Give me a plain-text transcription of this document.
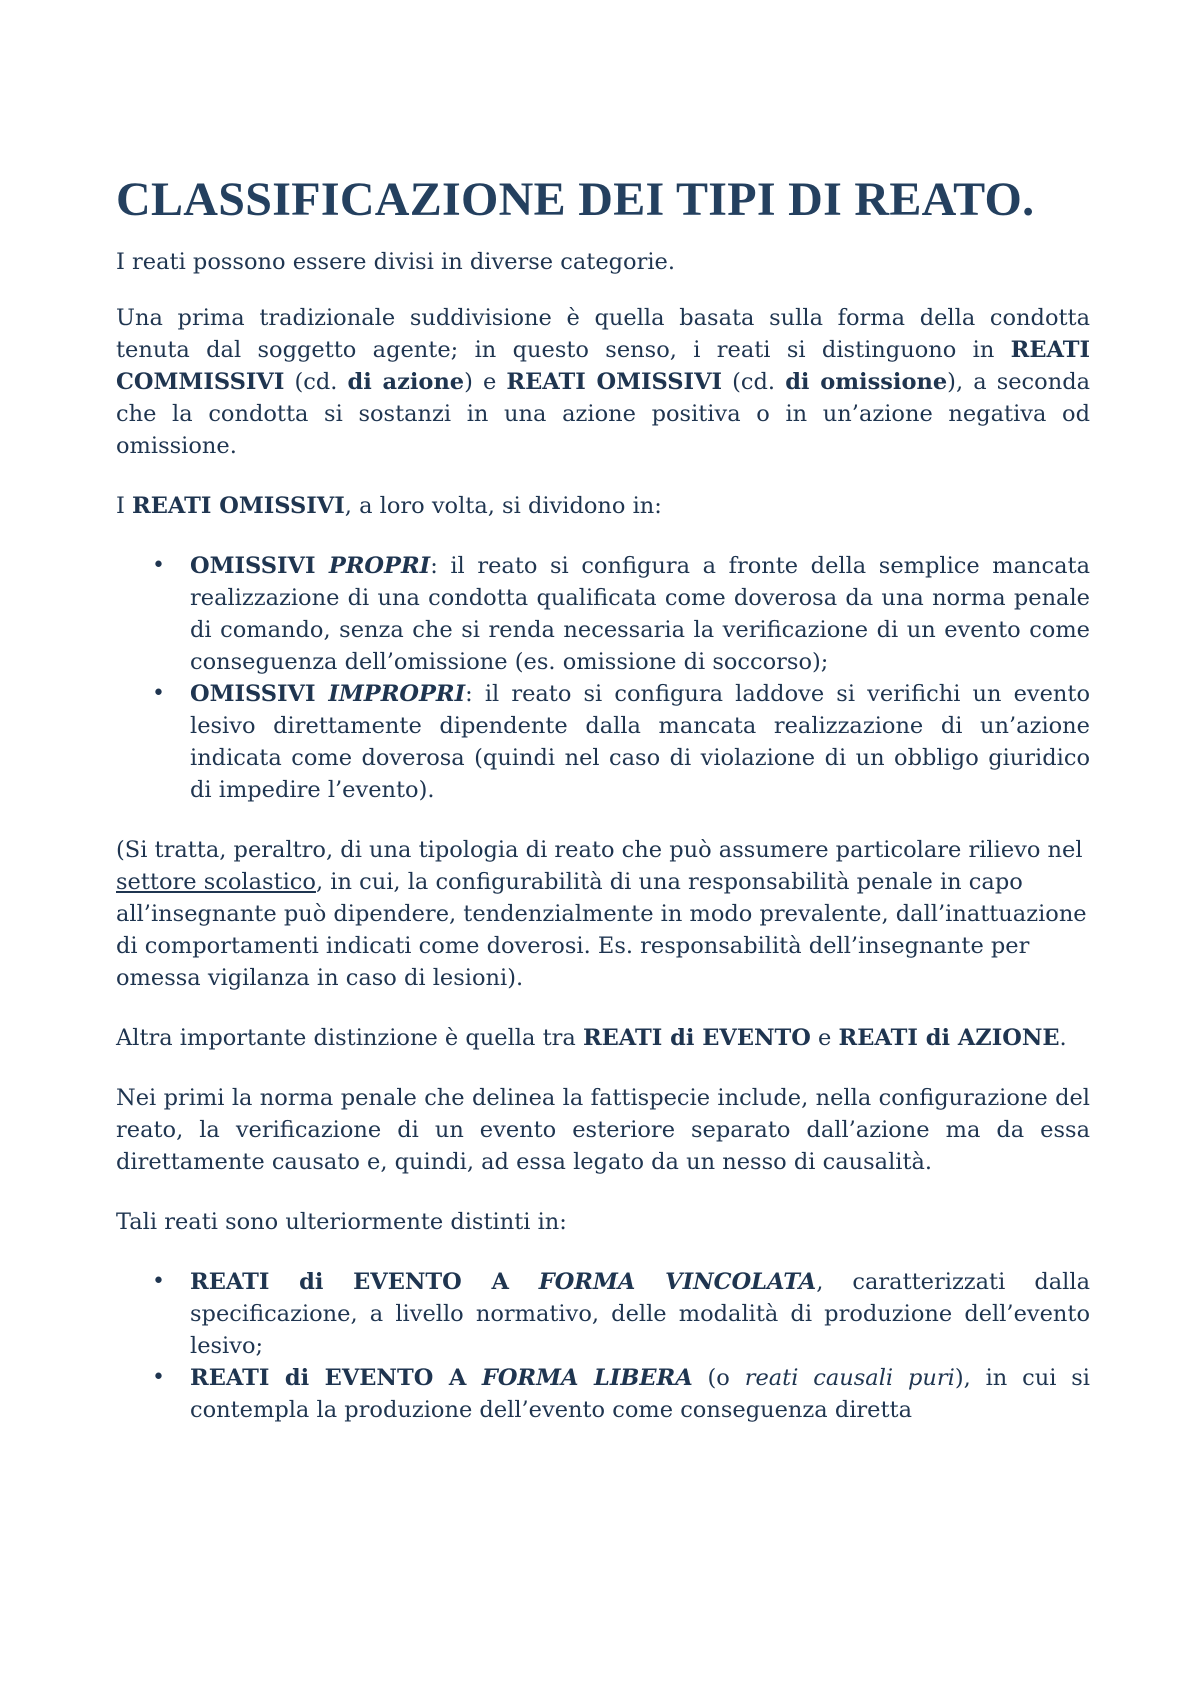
CLASSIFICAZIONE DEI TIPI DI REATO.

I reati possono essere divisi in diverse categorie.

Una prima tradizionale suddivisione è quella basata sulla forma della condotta tenuta dal soggetto agente; in questo senso, i reati si distinguono in REATI COMMISSIVI (cd. di azione) e REATI OMISSIVI (cd. di omissione), a seconda che la condotta si sostanzi in una azione positiva o in un’azione negativa od omissione.

I REATI OMISSIVI, a loro volta, si dividono in:

• OMISSIVI PROPRI: il reato si configura a fronte della semplice mancata realizzazione di una condotta qualificata come doverosa da una norma penale di comando, senza che si renda necessaria la verificazione di un evento come conseguenza dell’omissione (es. omissione di soccorso);
• OMISSIVI IMPROPRI: il reato si configura laddove si verifichi un evento lesivo direttamente dipendente dalla mancata realizzazione di un’azione indicata come doverosa (quindi nel caso di violazione di un obbligo giuridico di impedire l’evento).

(Si tratta, peraltro, di una tipologia di reato che può assumere particolare rilievo nel settore scolastico, in cui, la configurabilità di una responsabilità penale in capo all’insegnante può dipendere, tendenzialmente in modo prevalente, dall’inattuazione di comportamenti indicati come doverosi. Es. responsabilità dell’insegnante per omessa vigilanza in caso di lesioni).

Altra importante distinzione è quella tra REATI di EVENTO e REATI di AZIONE.

Nei primi la norma penale che delinea la fattispecie include, nella configurazione del reato, la verificazione di un evento esteriore separato dall’azione ma da essa direttamente causato e, quindi, ad essa legato da un nesso di causalità.

Tali reati sono ulteriormente distinti in:

• REATI di EVENTO A FORMA VINCOLATA, caratterizzati dalla specificazione, a livello normativo, delle modalità di produzione dell’evento lesivo;
• REATI di EVENTO A FORMA LIBERA (o reati causali puri), in cui si contempla la produzione dell’evento come conseguenza diretta
